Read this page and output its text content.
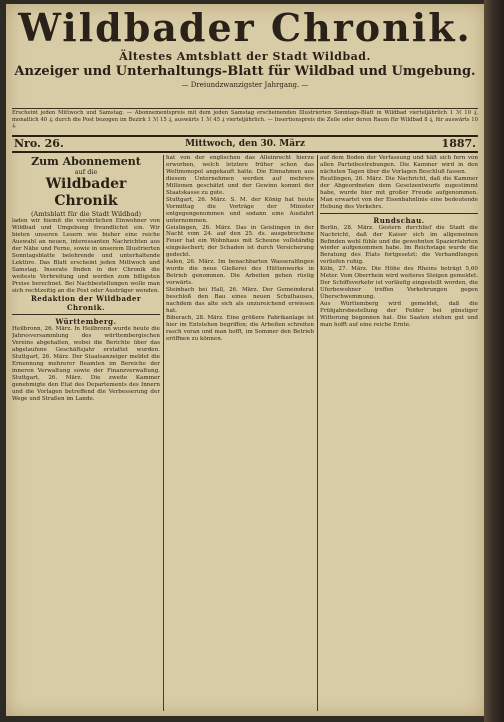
Wildbader Chronik.
Ältestes Amtsblatt der Stadt Wildbad.
Anzeiger und Unterhaltungs-Blatt für Wildbad und Umgebung.
— Dreiundzwanzigster Jahrgang. —
Erscheint jeden Mittwoch und Samstag. — Abonnementspreis mit dem jeden Samstag erscheinenden Illustrierten Sonntags-Blatt in Wildbad vierteljährlich 1 ℳ 10 ₰, monatlich 40 ₰; durch die Post bezogen im Bezirk 1 ℳ 15 ₰, auswärts 1 ℳ 45 ₰ vierteljährlich. — Insertionspreis die Zeile oder deren Raum für Wildbad 8 ₰, für auswärts 10 ₰.
Nro. 26.	Mittwoch, den 30. März	1887.

Zum Abonnement

auf die

Wildbader Chronik

(Amtsblatt für die Stadt Wildbad)

laden wir hiemit die verehrlichen Einwohner von Wildbad und Umgebung freundlichst ein. Wir bieten unseren Lesern wie bisher eine reiche Auswahl an neuen, interessanten Nachrichten aus der Nähe und Ferne, sowie in unserem Illustrierten Sonntagsblatte belehrende und unterhaltende Lektüre. Das Blatt erscheint jeden Mittwoch und Samstag. Inserate finden in der Chronik die weiteste Verbreitung und werden zum billigsten Preise berechnet. Bei Nachbestellungen wolle man sich rechtzeitig an die Post oder Austräger wenden.

Redaktion der Wildbader Chronik.

Württemberg.

Heilbronn, 26. März. In Heilbronn wurde heute die Jahresversammlung des württembergischen Vereins abgehalten, wobei die Berichte über das abgelaufene Geschäftsjahr erstattet wurden. Stuttgart, 26. März. Der Staatsanzeiger meldet die Ernennung mehrerer Beamten im Bereiche der inneren Verwaltung sowie der Finanzverwaltung. Stuttgart, 26. März. Die zweite Kammer genehmigte den Etat des Departements des Innern und die Vorlagen betreffend die Verbesserung der Wege und Straßen im Lande.

hat von der englischen das Alleinrecht hierzu erworben, welch letztere früher schon das Weltmonopol angekauft hatte. Die Einnahmen aus diesem Unternehmen werden auf mehrere Millionen geschätzt und der Gewinn kommt der Staatskasse zu gute.

Stuttgart, 26. März. S. M. der König hat heute Vormittag die Vorträge der Minister entgegengenommen und sodann eine Ausfahrt unternommen.

Geislingen, 26. März. Das in Geislingen in der Nacht vom 24. auf den 25. ds. ausgebrochene Feuer hat ein Wohnhaus mit Scheune vollständig eingeäschert; der Schaden ist durch Versicherung gedeckt.

Aalen, 26. März. Im benachbarten Wasseralfingen wurde die neue Gießerei des Hüttenwerks in Betrieb genommen. Die Arbeiten gehen rüstig vorwärts.

Steinbach bei Hall, 26. März. Der Gemeinderat beschloß den Bau eines neuen Schulhauses, nachdem das alte sich als unzureichend erwiesen hat.

Biberach, 28. März. Eine größere Fabrikanlage ist hier im Entstehen begriffen; die Arbeiten schreiten rasch voran und man hofft, im Sommer den Betrieb eröffnen zu können.

auf dem Boden der Verfassung und hält sich fern von allen Parteibestrebungen. Die Kammer wird in den nächsten Tagen über die Vorlagen Beschluß fassen.

Reutlingen, 26. März. Die Nachricht, daß die Kammer der Abgeordneten dem Gesetzentwurfe zugestimmt habe, wurde hier mit großer Freude aufgenommen. Man erwartet von der Eisenbahnlinie eine bedeutende Hebung des Verkehrs.

Rundschau.

Berlin, 28. März. Gestern durchlief die Stadt die Nachricht, daß der Kaiser sich im allgemeinen Befinden wohl fühle und die gewohnten Spazierfahrten wieder aufgenommen habe. Im Reichstage wurde die Beratung des Etats fortgesetzt; die Verhandlungen verliefen ruhig.

Köln, 27. März. Die Höhe des Rheins beträgt 5,60 Meter. Vom Oberrhein wird weiteres Steigen gemeldet. Der Schiffsverkehr ist vorläufig eingestellt worden, die Uferbewohner treffen Vorkehrungen gegen Überschwemmung.

Aus Württemberg wird gemeldet, daß die Frühjahrsbestellung der Felder bei günstiger Witterung begonnen hat. Die Saaten stehen gut und man hofft auf eine reiche Ernte.
